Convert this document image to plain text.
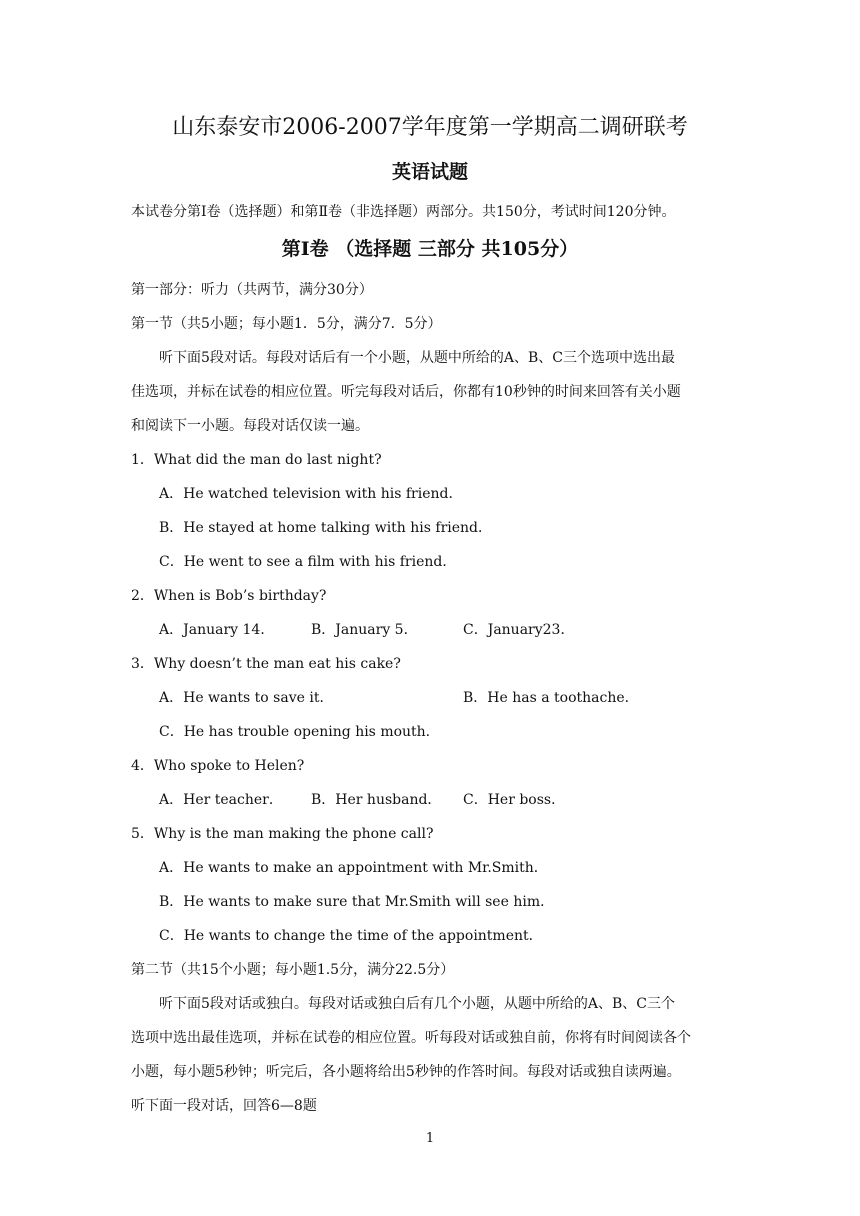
山东泰安市2006-2007学年度第一学期高二调研联考
英语试题
本试卷分第Ⅰ卷（选择题）和第Ⅱ卷（非选择题）两部分。共150分，考试时间120分钟。
第Ⅰ卷 （选择题 三部分 共105分）
第一部分：听力（共两节，满分30分）
第一节（共5小题；每小题1．5分，满分7．5分）
听下面5段对话。每段对话后有一个小题，从题中所给的A、B、C三个选项中选出最
佳选项，并标在试卷的相应位置。听完每段对话后，你都有10秒钟的时间来回答有关小题
和阅读下一小题。每段对话仅读一遍。
1．What did the man do last night?
A．He watched television with his friend．
B．He stayed at home talking with his friend．
C．He went to see a film with his friend．
2．When is Bob’s birthday?
A．January 14．	B．January 5．	C．January23．
3．Why doesn’t the man eat his cake?
A．He wants to save it．	B．He has a toothache．
C．He has trouble opening his mouth.
4．Who spoke to Helen?
A．Her teacher． B．Her husband． C．Her boss．
5．Why is the man making the phone call?
A．He wants to make an appointment with Mr.Smith．
B．He wants to make sure that Mr.Smith will see him．
C．He wants to change the time of the appointment．
第二节（共15个小题；每小题1.5分，满分22.5分）
听下面5段对话或独白。每段对话或独白后有几个小题，从题中所给的A、B、C三个
选项中选出最佳选项，并标在试卷的相应位置。听每段对话或独自前，你将有时间阅读各个
小题，每小题5秒钟；听完后，各小题将给出5秒钟的作答时间。每段对话或独自读两遍。
听下面一段对话，回答6—8题
1
